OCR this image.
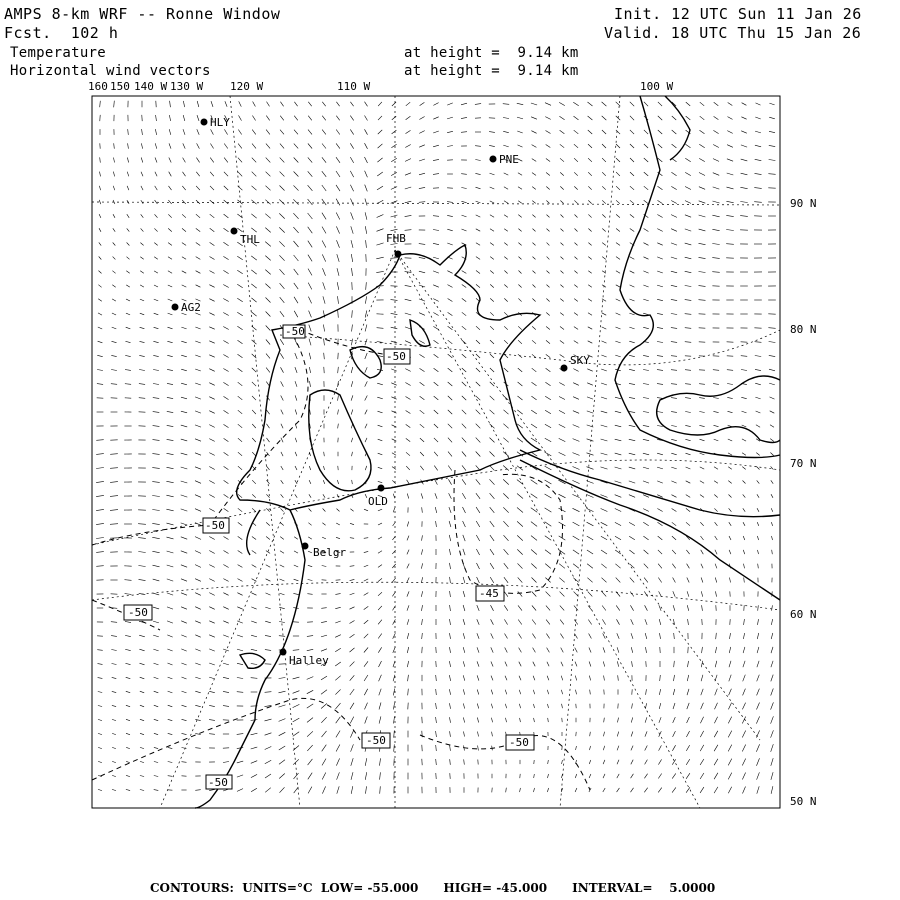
AMPS 8-km WRF -- Ronne Window
Fcst.  102 h
Init. 12 UTC Sun 11 Jan 26
Valid. 18 UTC Thu 15 Jan 26
Temperature
Horizontal wind vectors
at height =  9.14 km
at height =  9.14 km
HLY
PNE
THL	FHB
AG2
SKY
OLD
Belgr
Halley
-50
-50
-50
-50
-45
-50	-50
-50
160 150 140 W 130 W 120 W	110 W	100 W
90 N
80 N
70 N
60 N
50 N
CONTOURS:  UNITS=°C  LOW= -55.000      HIGH= -45.000      INTERVAL=    5.0000
